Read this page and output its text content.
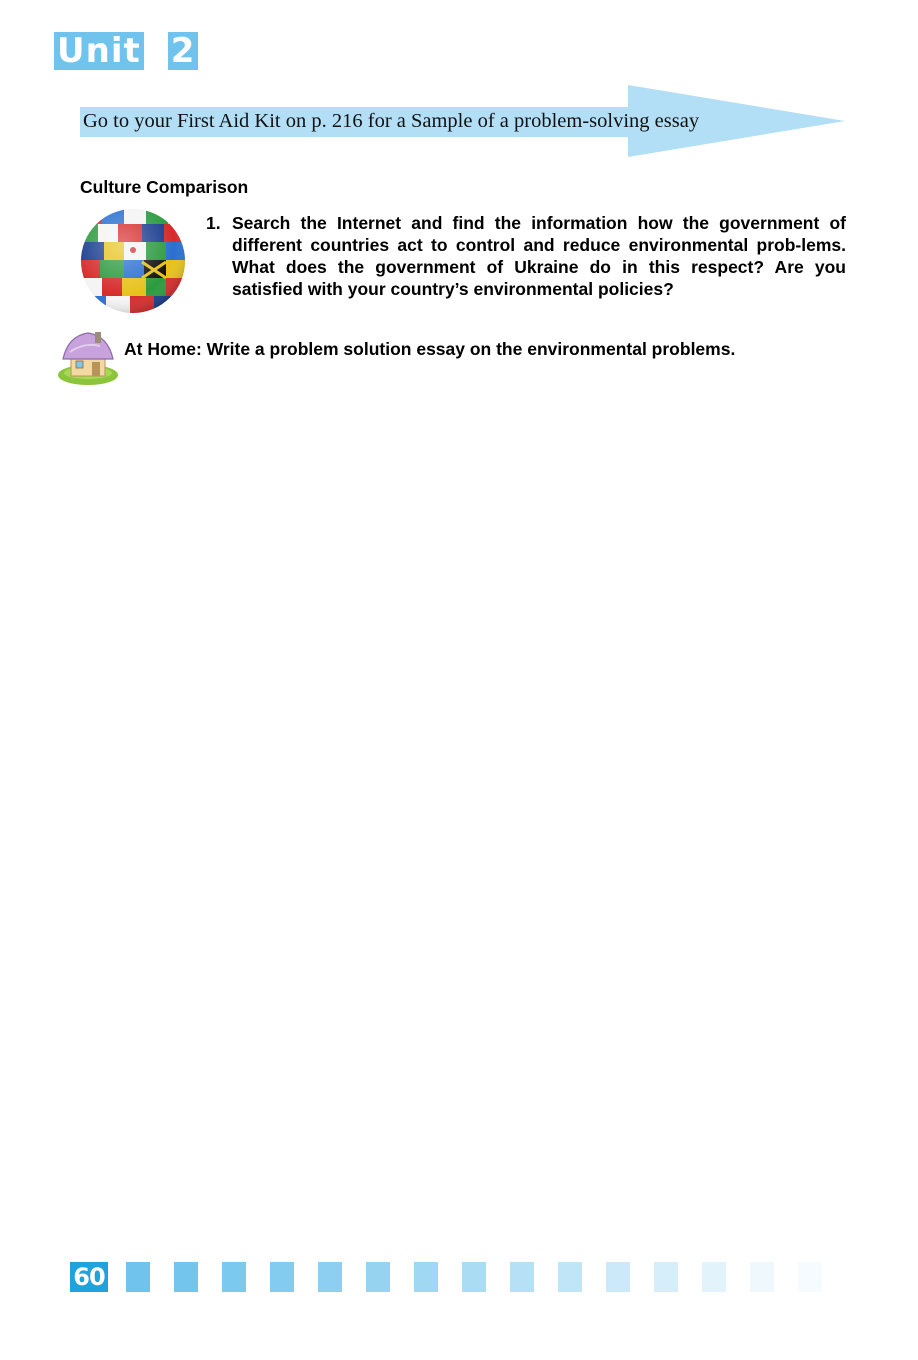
Unit 2
Go to your First Aid Kit on p. 216 for a Sample of a problem-solving essay
Culture Comparison
1. Search the Internet and find the information how the government of different countries act to control and reduce environmental prob-lems. What does the government of Ukraine do in this respect? Are you satisfied with your country’s environmental policies?
At Home: Write a problem solution essay on the environmental problems.
60
